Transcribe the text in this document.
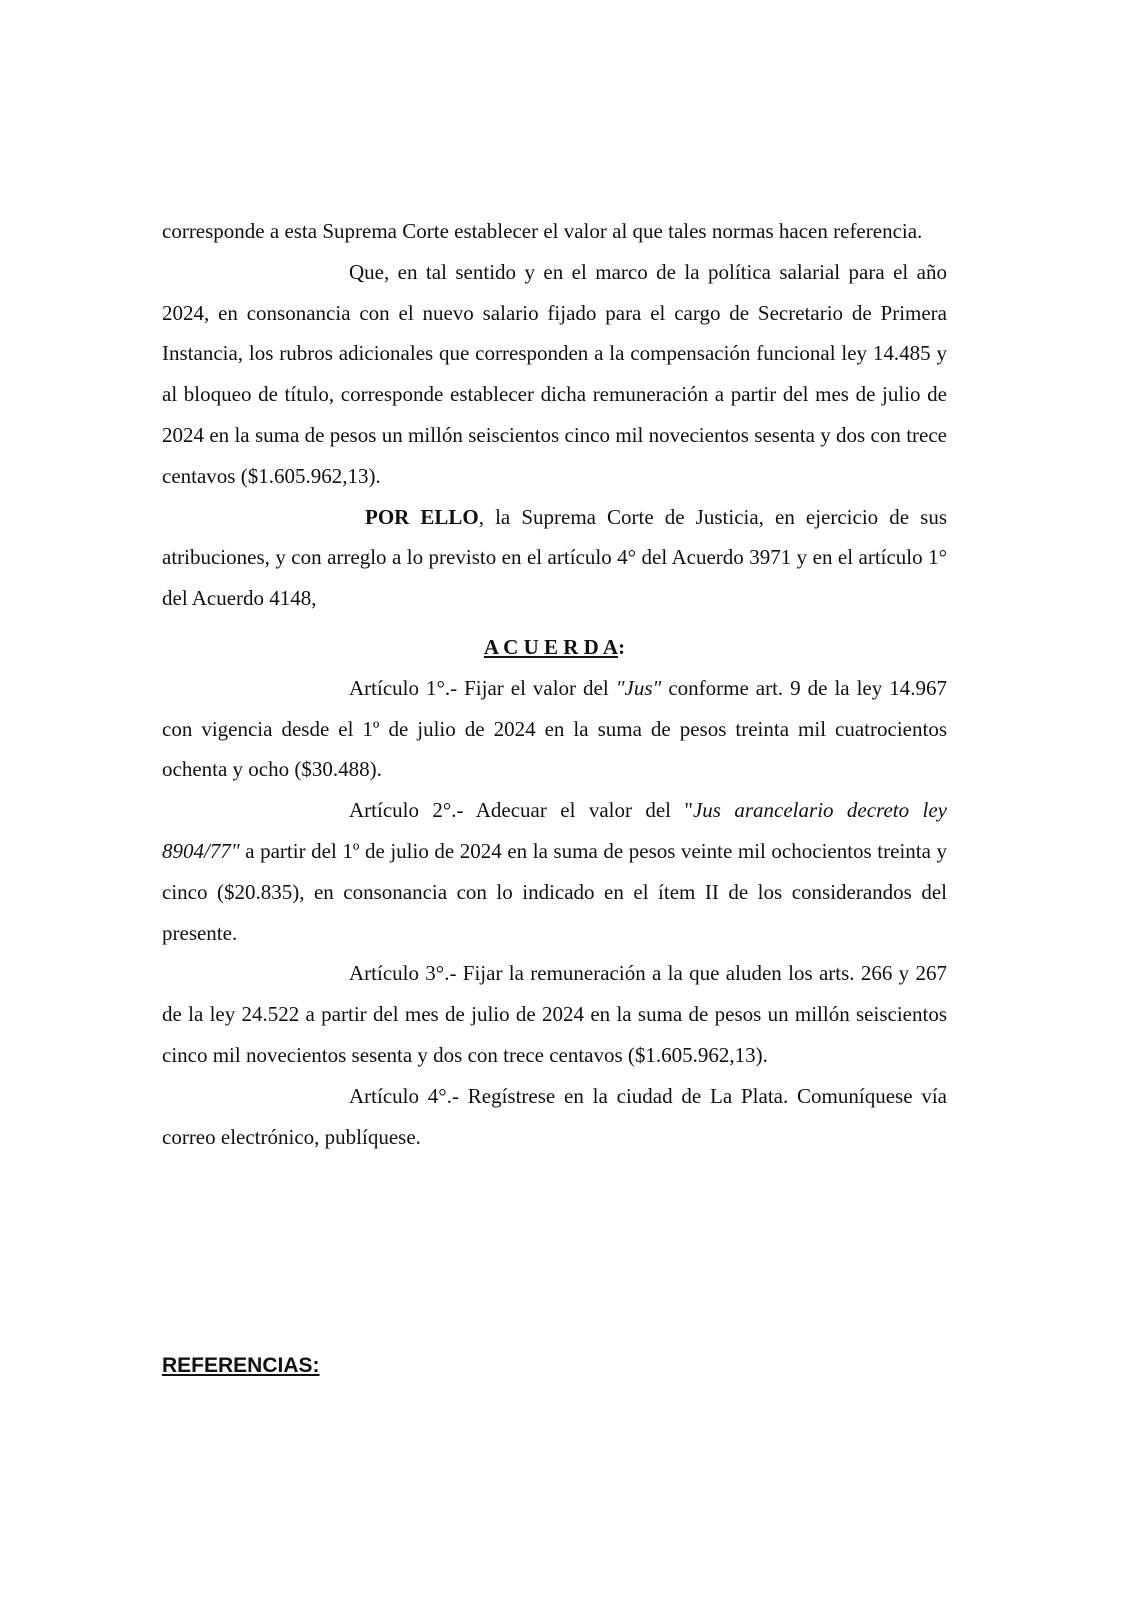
corresponde a esta Suprema Corte establecer el valor al que tales normas hacen referencia.

Que, en tal sentido y en el marco de la política salarial para el año 2024, en consonancia con el nuevo salario fijado para el cargo de Secretario de Primera Instancia, los rubros adicionales que corresponden a la compensación funcional ley 14.485 y al bloqueo de título, corresponde establecer dicha remuneración a partir del mes de julio de 2024 en la suma de pesos un millón seiscientos cinco mil novecientos sesenta y dos con trece centavos ($1.605.962,13).

POR ELLO, la Suprema Corte de Justicia, en ejercicio de sus atribuciones, y con arreglo a lo previsto en el artículo 4° del Acuerdo 3971 y en el artículo 1° del Acuerdo 4148,

A C U E R D A:

Artículo 1°.- Fijar el valor del "Jus" conforme art. 9 de la ley 14.967 con vigencia desde el 1º de julio de 2024 en la suma de pesos treinta mil cuatrocientos ochenta y ocho ($30.488).

Artículo 2°.- Adecuar el valor del "Jus arancelario decreto ley 8904/77" a partir del 1º de julio de 2024 en la suma de pesos veinte mil ochocientos treinta y cinco ($20.835), en consonancia con lo indicado en el ítem II de los considerandos del presente.

Artículo 3°.- Fijar la remuneración a la que aluden los arts. 266 y 267 de la ley 24.522 a partir del mes de julio de 2024 en la suma de pesos un millón seiscientos cinco mil novecientos sesenta y dos con trece centavos ($1.605.962,13).

Artículo 4°.- Regístrese en la ciudad de La Plata. Comuníquese vía correo electrónico, publíquese.

REFERENCIAS:
